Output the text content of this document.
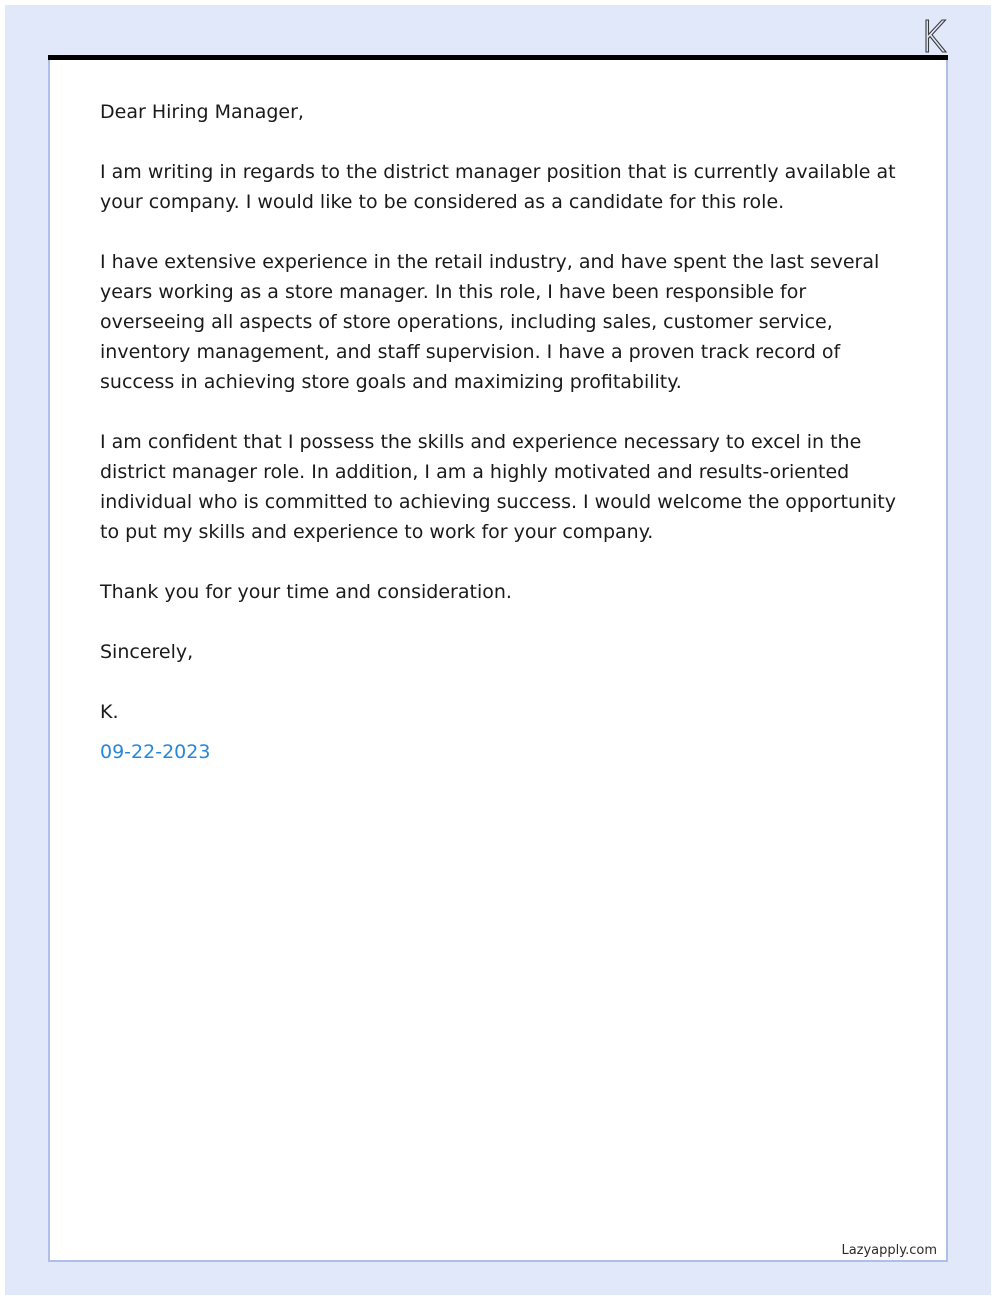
Dear Hiring Manager,

I am writing in regards to the district manager position that is currently available at your company. I would like to be considered as a candidate for this role.

I have extensive experience in the retail industry, and have spent the last several years working as a store manager. In this role, I have been responsible for overseeing all aspects of store operations, including sales, customer service, inventory management, and staff supervision. I have a proven track record of success in achieving store goals and maximizing profitability.

I am confident that I possess the skills and experience necessary to excel in the district manager role. In addition, I am a highly motivated and results-oriented individual who is committed to achieving success. I would welcome the opportunity to put my skills and experience to work for your company.

Thank you for your time and consideration.

Sincerely,

K.

09-22-2023

Lazyapply.com
